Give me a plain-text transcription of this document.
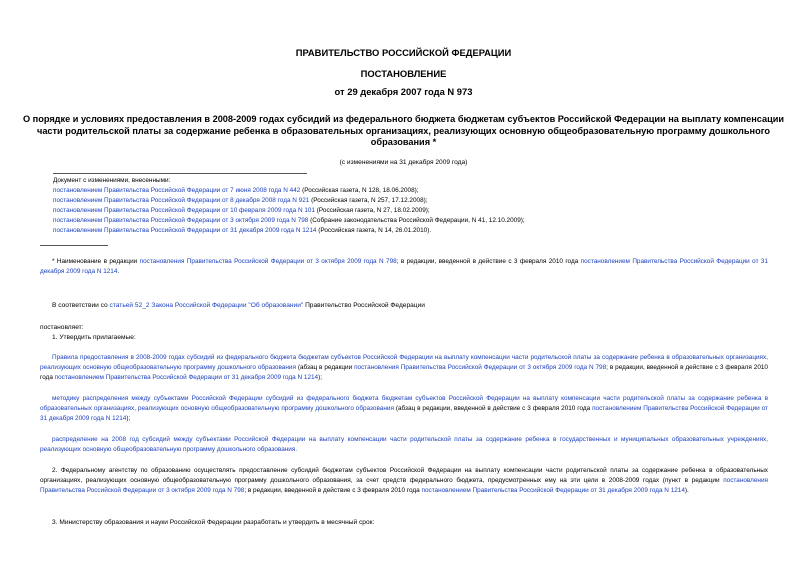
ПРАВИТЕЛЬСТВО РОССИЙСКОЙ ФЕДЕРАЦИИ
ПОСТАНОВЛЕНИЕ
от 29 декабря 2007 года N 973
О порядке и условиях предоставления в 2008-2009 годах субсидий из федерального бюджета бюджетам субъектов Российской Федерации на выплату компенсации части родительской платы за содержание ребенка в образовательных организациях, реализующих основную общеобразовательную программу дошкольного образования *
(с изменениями на 31 декабря 2009 года)
Документ с изменениями, внесенными:
постановлением Правительства Российской Федерации от 7 июня 2008 года N 442 (Российская газета, N 128, 18.06.2008);
постановлением Правительства Российской Федерации от 8 декабря 2008 года N 921 (Российская газета, N 257, 17.12.2008);
постановлением Правительства Российской Федерации от 10 февраля 2009 года N 101 (Российская газета, N 27, 18.02.2009);
постановлением Правительства Российской Федерации от 3 октября 2009 года N 798 (Собрание законодательства Российской Федерации, N 41, 12.10.2009);
постановлением Правительства Российской Федерации от 31 декабря 2009 года N 1214 (Российская газета, N 14, 26.01.2010).
* Наименование в редакции постановления Правительства Российской Федерации от 3 октября 2009 года N 798; в редакции, введенной в действие с 3 февраля 2010 года постановлением Правительства Российской Федерации от 31 декабря 2009 года N 1214.
В соответствии со статьей 52_2 Закона Российской Федерации "Об образовании" Правительство Российской Федерации
постановляет:
1. Утвердить прилагаемые:
Правила предоставления в 2008-2009 годах субсидий из федерального бюджета бюджетам субъектов Российской Федерации на выплату компенсации части родительской платы за содержание ребенка в образовательных организациях, реализующих основную общеобразовательную программу дошкольного образования (абзац в редакции постановления Правительства Российской Федерации от 3 октября 2009 года N 798; в редакции, введенной в действие с 3 февраля 2010 года постановлением Правительства Российской Федерации от 31 декабря 2009 года N 1214);
методику распределения между субъектами Российской Федерации субсидий из федерального бюджета бюджетам субъектов Российской Федерации на выплату компенсации части родительской платы за содержание ребенка в образовательных организациях, реализующих основную общеобразовательную программу дошкольного образования (абзац в редакции, введенной в действие с 3 февраля 2010 года постановлением Правительства Российской Федерации от 31 декабря 2009 года N 1214);
распределение на 2008 год субсидий между субъектами Российской Федерации на выплату компенсации части родительской платы за содержание ребенка в государственных и муниципальных образовательных учреждениях, реализующих основную общеобразовательную программу дошкольного образования.
2. Федеральному агентству по образованию осуществлять предоставление субсидий бюджетам субъектов Российской Федерации на выплату компенсации части родительской платы за содержание ребенка в образовательных организациях, реализующих основную общеобразовательную программу дошкольного образования, за счет средств федерального бюджета, предусмотренных ему на эти цели в 2008-2009 годах (пункт в редакции постановления Правительства Российской Федерации от 3 октября 2009 года N 798; в редакции, введенной в действие с 3 февраля 2010 года постановлением Правительства Российской Федерации от 31 декабря 2009 года N 1214).
3. Министерству образования и науки Российской Федерации разработать и утвердить в месячный срок:
